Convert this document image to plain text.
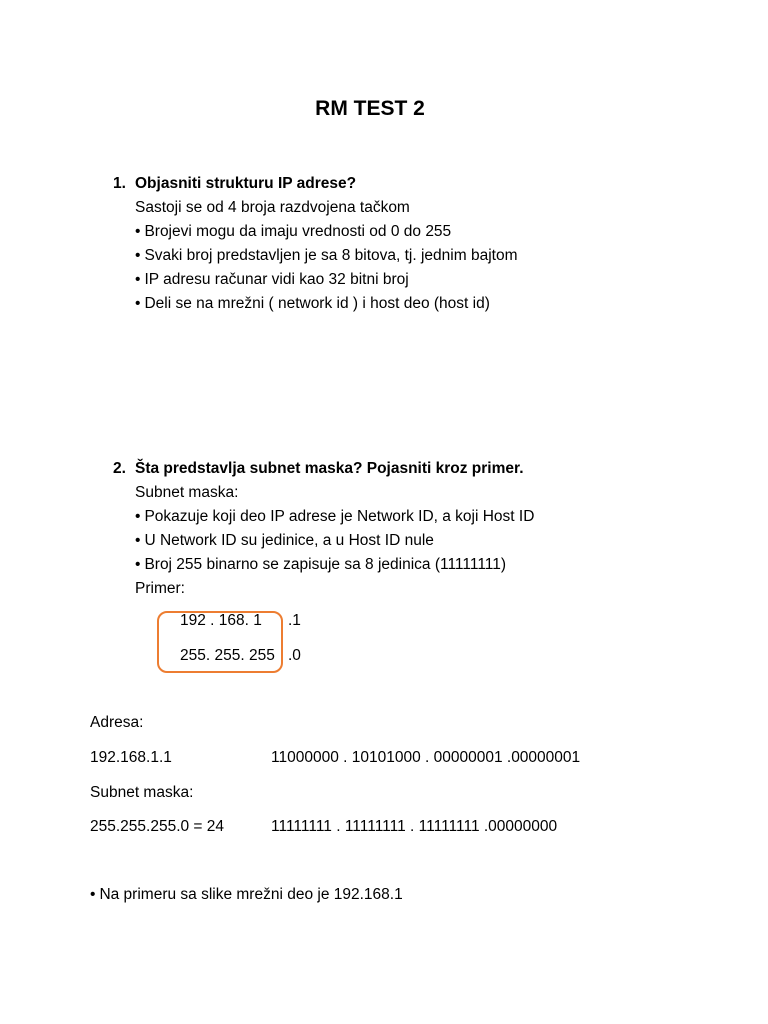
RM TEST 2
1. Objasniti strukturu IP adrese?
Sastoji se od 4 broja razdvojena tačkom
• Brojevi mogu da imaju vrednosti od 0 do 255
• Svaki broj predstavljen je sa 8 bitova, tj. jednim bajtom
• IP adresu računar vidi kao 32 bitni broj
• Deli se na mrežni ( network id ) i host deo (host id)
2. Šta predstavlja subnet maska? Pojasniti kroz primer.
Subnet maska:
• Pokazuje koji deo IP adrese je Network ID, a koji Host ID
• U Network ID su jedinice, a u Host ID nule
• Broj 255 binarno se zapisuje sa 8 jedinica (11111111)
Primer:
192 . 168. 1 .1
255. 255. 255 .0
Adresa:
192.168.1.1	11000000 . 10101000 . 00000001 .00000001
Subnet maska:
255.255.255.0 = 24	11111111 . 11111111 . 11111111 .00000000
• Na primeru sa slike mrežni deo je 192.168.1
